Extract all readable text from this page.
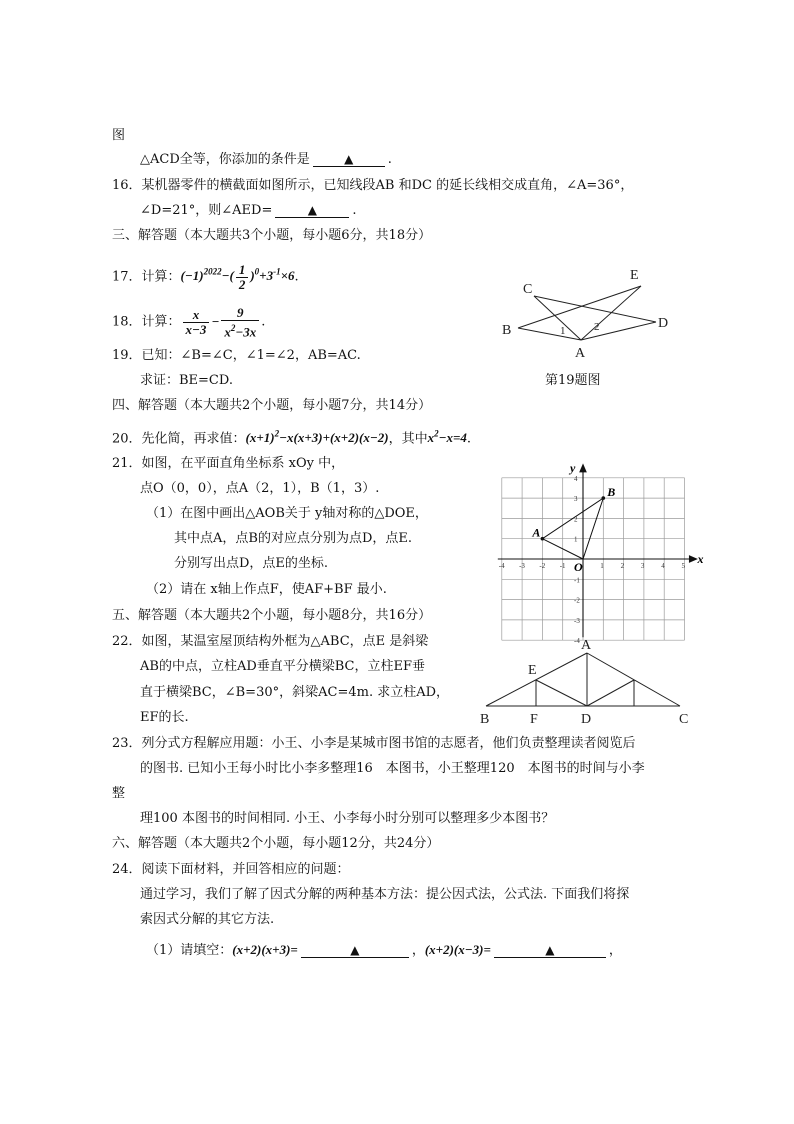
图
△ACD全等，你添加的条件是	▲	.
16．某机器零件的横截面如图所示，已知线段AB 和DC 的延长线相交成直角，∠A=36°，
∠D=21°，则∠AED=	▲	.
三、解答题（本大题共3个小题，每小题6分，共18分）
17．计算：$(-1)^{2022}-( \frac{1}{2} )^0+3^{-1}\times 6$.
18．计算： $\frac{x}{x-3} - \frac{9}{x^2-3x}$ .
19．已知：∠B=∠C，∠1=∠2，AB=AC.
求证：BE=CD.	第19题图
四、解答题（本大题共2个小题，每小题7分，共14分）
20．先化简，再求值：$(x+1)^2-x(x+3)+(x+2)(x-2)$，其中$x^2-x=4$.
21．如图，在平面直角坐标系 xOy 中，
点O（0，0），点A（2，1），B（1，3）.
（1）在图中画出△AOB关于 y轴对称的△DOE，
其中点A，点B的对应点分别为点D，点E.
分别写出点D，点E的坐标.
（2）请在 x轴上作点F，使AF+BF 最小.
五、解答题（本大题共2个小题，每小题8分，共16分）
22．如图，某温室屋顶结构外框为△ABC，点E 是斜梁
AB的中点，立柱AD垂直平分横梁BC，立柱EF垂
直于横梁BC，∠B=30°，斜梁AC=4m. 求立柱AD，
EF的长.
23．列分式方程解应用题：小王、小李是某城市图书馆的志愿者，他们负责整理读者阅览后
的图书. 已知小王每小时比小李多整理16　本图书，小王整理120　本图书的时间与小李
整
理100 本图书的时间相同. 小王、小李每小时分别可以整理多少本图书？
六、解答题（本大题共2个小题，每小题12分，共24分）
24．阅读下面材料，并回答相应的问题：
通过学习，我们了解了因式分解的两种基本方法：提公因式法，公式法. 下面我们将探
索因式分解的其它方法.
（1）请填空：(x+2)(x+3)=	▲	，(x+2)(x−3)=	▲	，
B
C
E
D
A
1	2
-4 -3 -2 -1	1 2 3 4 5
4
3
2
1
-1
-2
-3
-4
x
y
O
A
B
A
B	C
D
E
F
